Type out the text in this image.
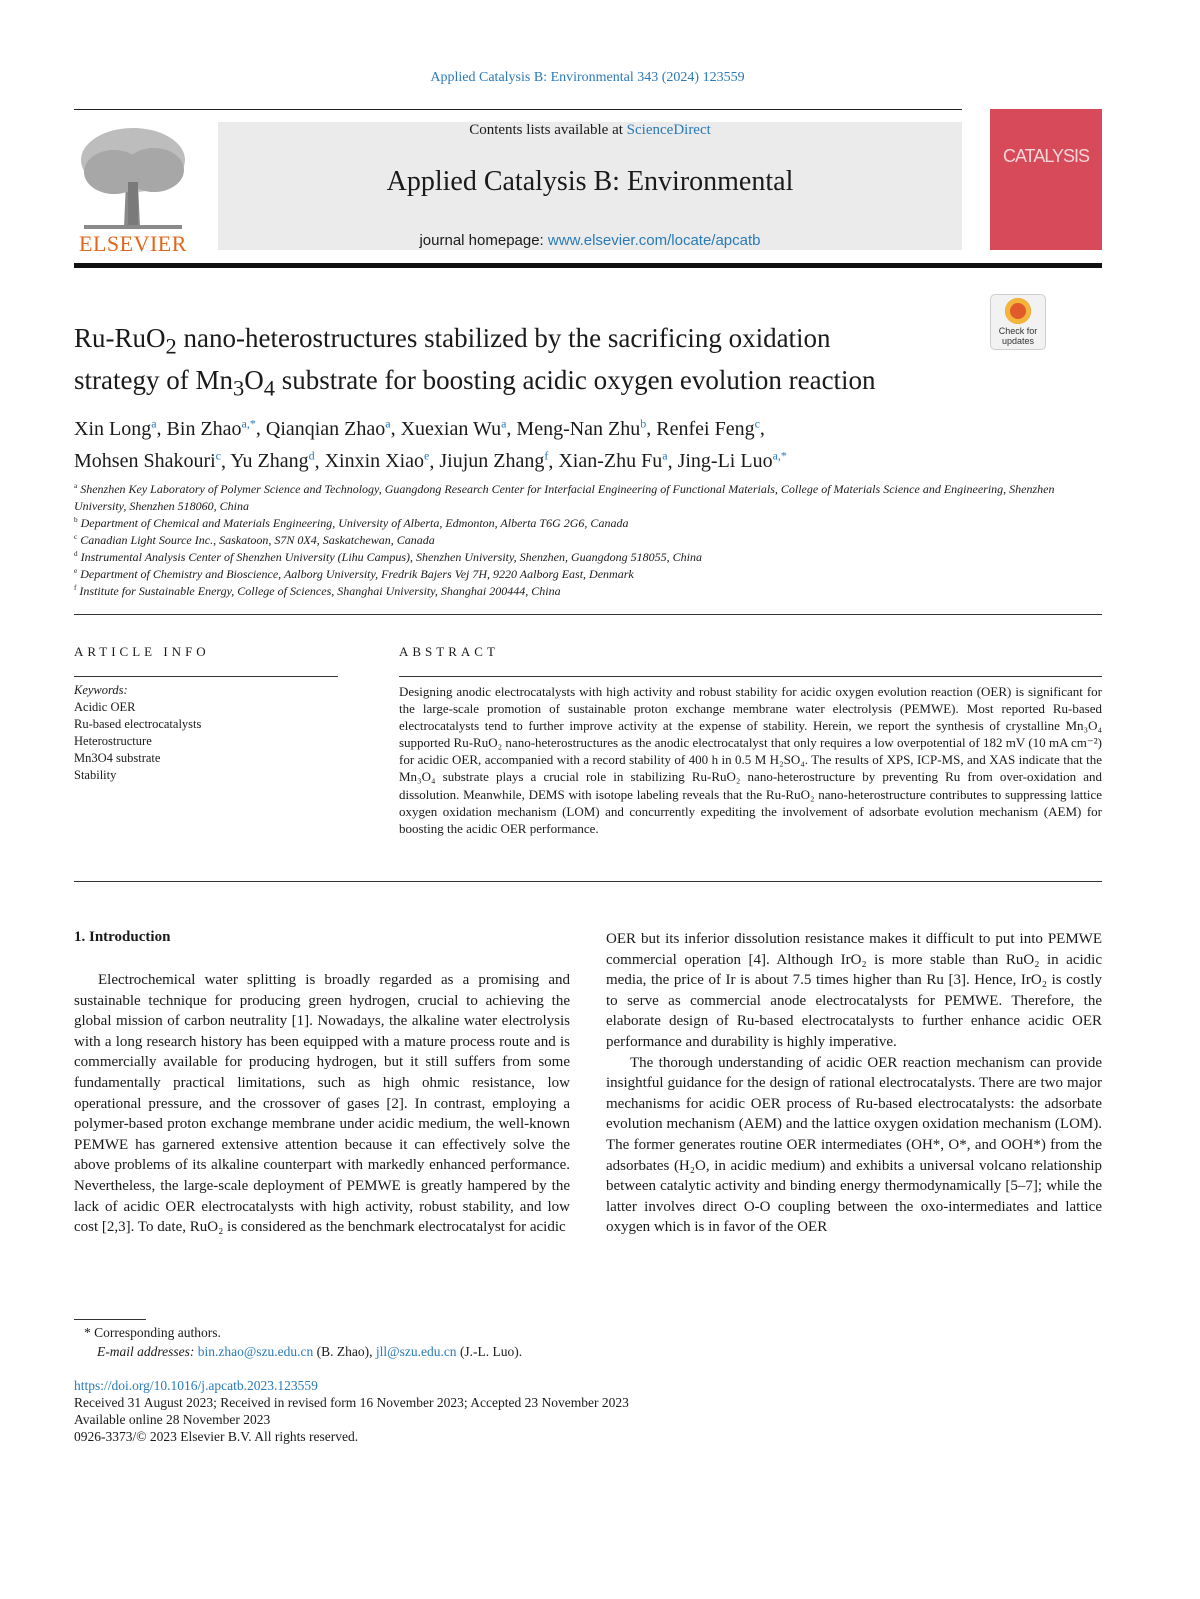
Applied Catalysis B: Environmental 343 (2024) 123559
ELSEVIER
Contents lists available at ScienceDirect
Applied Catalysis B: Environmental
journal homepage: www.elsevier.com/locate/apcatb
CATALYSIS
Check for updates
Ru-RuO$_2$ nano-heterostructures stabilized by the sacrificing oxidation
strategy of $Mn_3O_4$ substrate for boosting acidic oxygen evolution reaction
Xin Long$^a$, Bin Zhao$^{a,*}$, Qianqian Zhao$^a$, Xuexian Wu$^a$, Meng-Nan Zhu$^b$, Renfei Feng$^c$,
Mohsen Shakouri$^c$, Yu Zhang$^d$, Xinxin Xiao$^e$, Jiujun Zhang$^f$, Xian-Zhu Fu$^a$, Jing-Li Luo$^{a,*}$
$^a$ Shenzhen Key Laboratory of Polymer Science and Technology, Guangdong Research Center for Interfacial Engineering of Functional Materials, College of Materials Science and Engineering, Shenzhen University, Shenzhen 518060, China
$^b$ Department of Chemical and Materials Engineering, University of Alberta, Edmonton, Alberta T6G 2G6, Canada
$^c$ Canadian Light Source Inc., Saskatoon, S7N 0X4, Saskatchewan, Canada
$^d$ Instrumental Analysis Center of Shenzhen University (Lihu Campus), Shenzhen University, Shenzhen, Guangdong 518055, China
$^e$ Department of Chemistry and Bioscience, Aalborg University, Fredrik Bajers Vej 7H, 9220 Aalborg East, Denmark
$^f$ Institute for Sustainable Energy, College of Sciences, Shanghai University, Shanghai 200444, China
ARTICLE INFO	ABSTRACT
Keywords:
Acidic OER
Ru-based electrocatalysts
Heterostructure
Mn3O4 substrate
Stability
Designing anodic electrocatalysts with high activity and robust stability for acidic oxygen evolution reaction (OER) is significant for the large-scale promotion of sustainable proton exchange membrane water electrolysis (PEMWE). Most reported Ru-based electrocatalysts tend to further improve activity at the expense of stability. Herein, we report the synthesis of crystalline Mn₃O₄ supported Ru-RuO₂ nano-heterostructures as the anodic electrocatalyst that only requires a low overpotential of 182 mV (10 mA cm⁻²) for acidic OER, accompanied with a record stability of 400 h in 0.5 M H₂SO₄. The results of XPS, ICP-MS, and XAS indicate that the Mn₃O₄ substrate plays a crucial role in stabilizing Ru-RuO₂ nano-heterostructure by preventing Ru from over-oxidation and dissolution. Meanwhile, DEMS with isotope labeling reveals that the Ru-RuO₂ nano-heterostructure contributes to suppressing lattice oxygen oxidation mechanism (LOM) and concurrently expediting the involvement of adsorbate evolution mechanism (AEM) for boosting the acidic OER performance.
1. Introduction

Electrochemical water splitting is broadly regarded as a promising and sustainable technique for producing green hydrogen, crucial to achieving the global mission of carbon neutrality [1]. Nowadays, the alkaline water electrolysis with a long research history has been equipped with a mature process route and is commercially available for producing hydrogen, but it still suffers from some fundamentally practical limitations, such as high ohmic resistance, low operational pressure, and the crossover of gases [2]. In contrast, employing a polymer-based proton exchange membrane under acidic medium, the well-known PEMWE has garnered extensive attention because it can effectively solve the above problems of its alkaline counterpart with markedly enhanced performance. Nevertheless, the large-scale deployment of PEMWE is greatly hampered by the lack of acidic OER electrocatalysts with high activity, robust stability, and low cost [2,3]. To date, RuO₂ is considered as the benchmark electrocatalyst for acidic

OER but its inferior dissolution resistance makes it difficult to put into PEMWE commercial operation [4]. Although IrO₂ is more stable than RuO₂ in acidic media, the price of Ir is about 7.5 times higher than Ru [3]. Hence, IrO₂ is costly to serve as commercial anode electrocatalysts for PEMWE. Therefore, the elaborate design of Ru-based electrocatalysts to further enhance acidic OER performance and durability is highly imperative.

The thorough understanding of acidic OER reaction mechanism can provide insightful guidance for the design of rational electrocatalysts. There are two major mechanisms for acidic OER process of Ru-based electrocatalysts: the adsorbate evolution mechanism (AEM) and the lattice oxygen oxidation mechanism (LOM). The former generates routine OER intermediates (OH*, O*, and OOH*) from the adsorbates (H₂O, in acidic medium) and exhibits a universal volcano relationship between catalytic activity and binding energy thermodynamically [5–7]; while the latter involves direct O-O coupling between the oxo-intermediates and lattice oxygen which is in favor of the OER

* Corresponding authors.
E-mail addresses: bin.zhao@szu.edu.cn (B. Zhao), jll@szu.edu.cn (J.-L. Luo).
https://doi.org/10.1016/j.apcatb.2023.123559
Received 31 August 2023; Received in revised form 16 November 2023; Accepted 23 November 2023
Available online 28 November 2023
0926-3373/© 2023 Elsevier B.V. All rights reserved.
